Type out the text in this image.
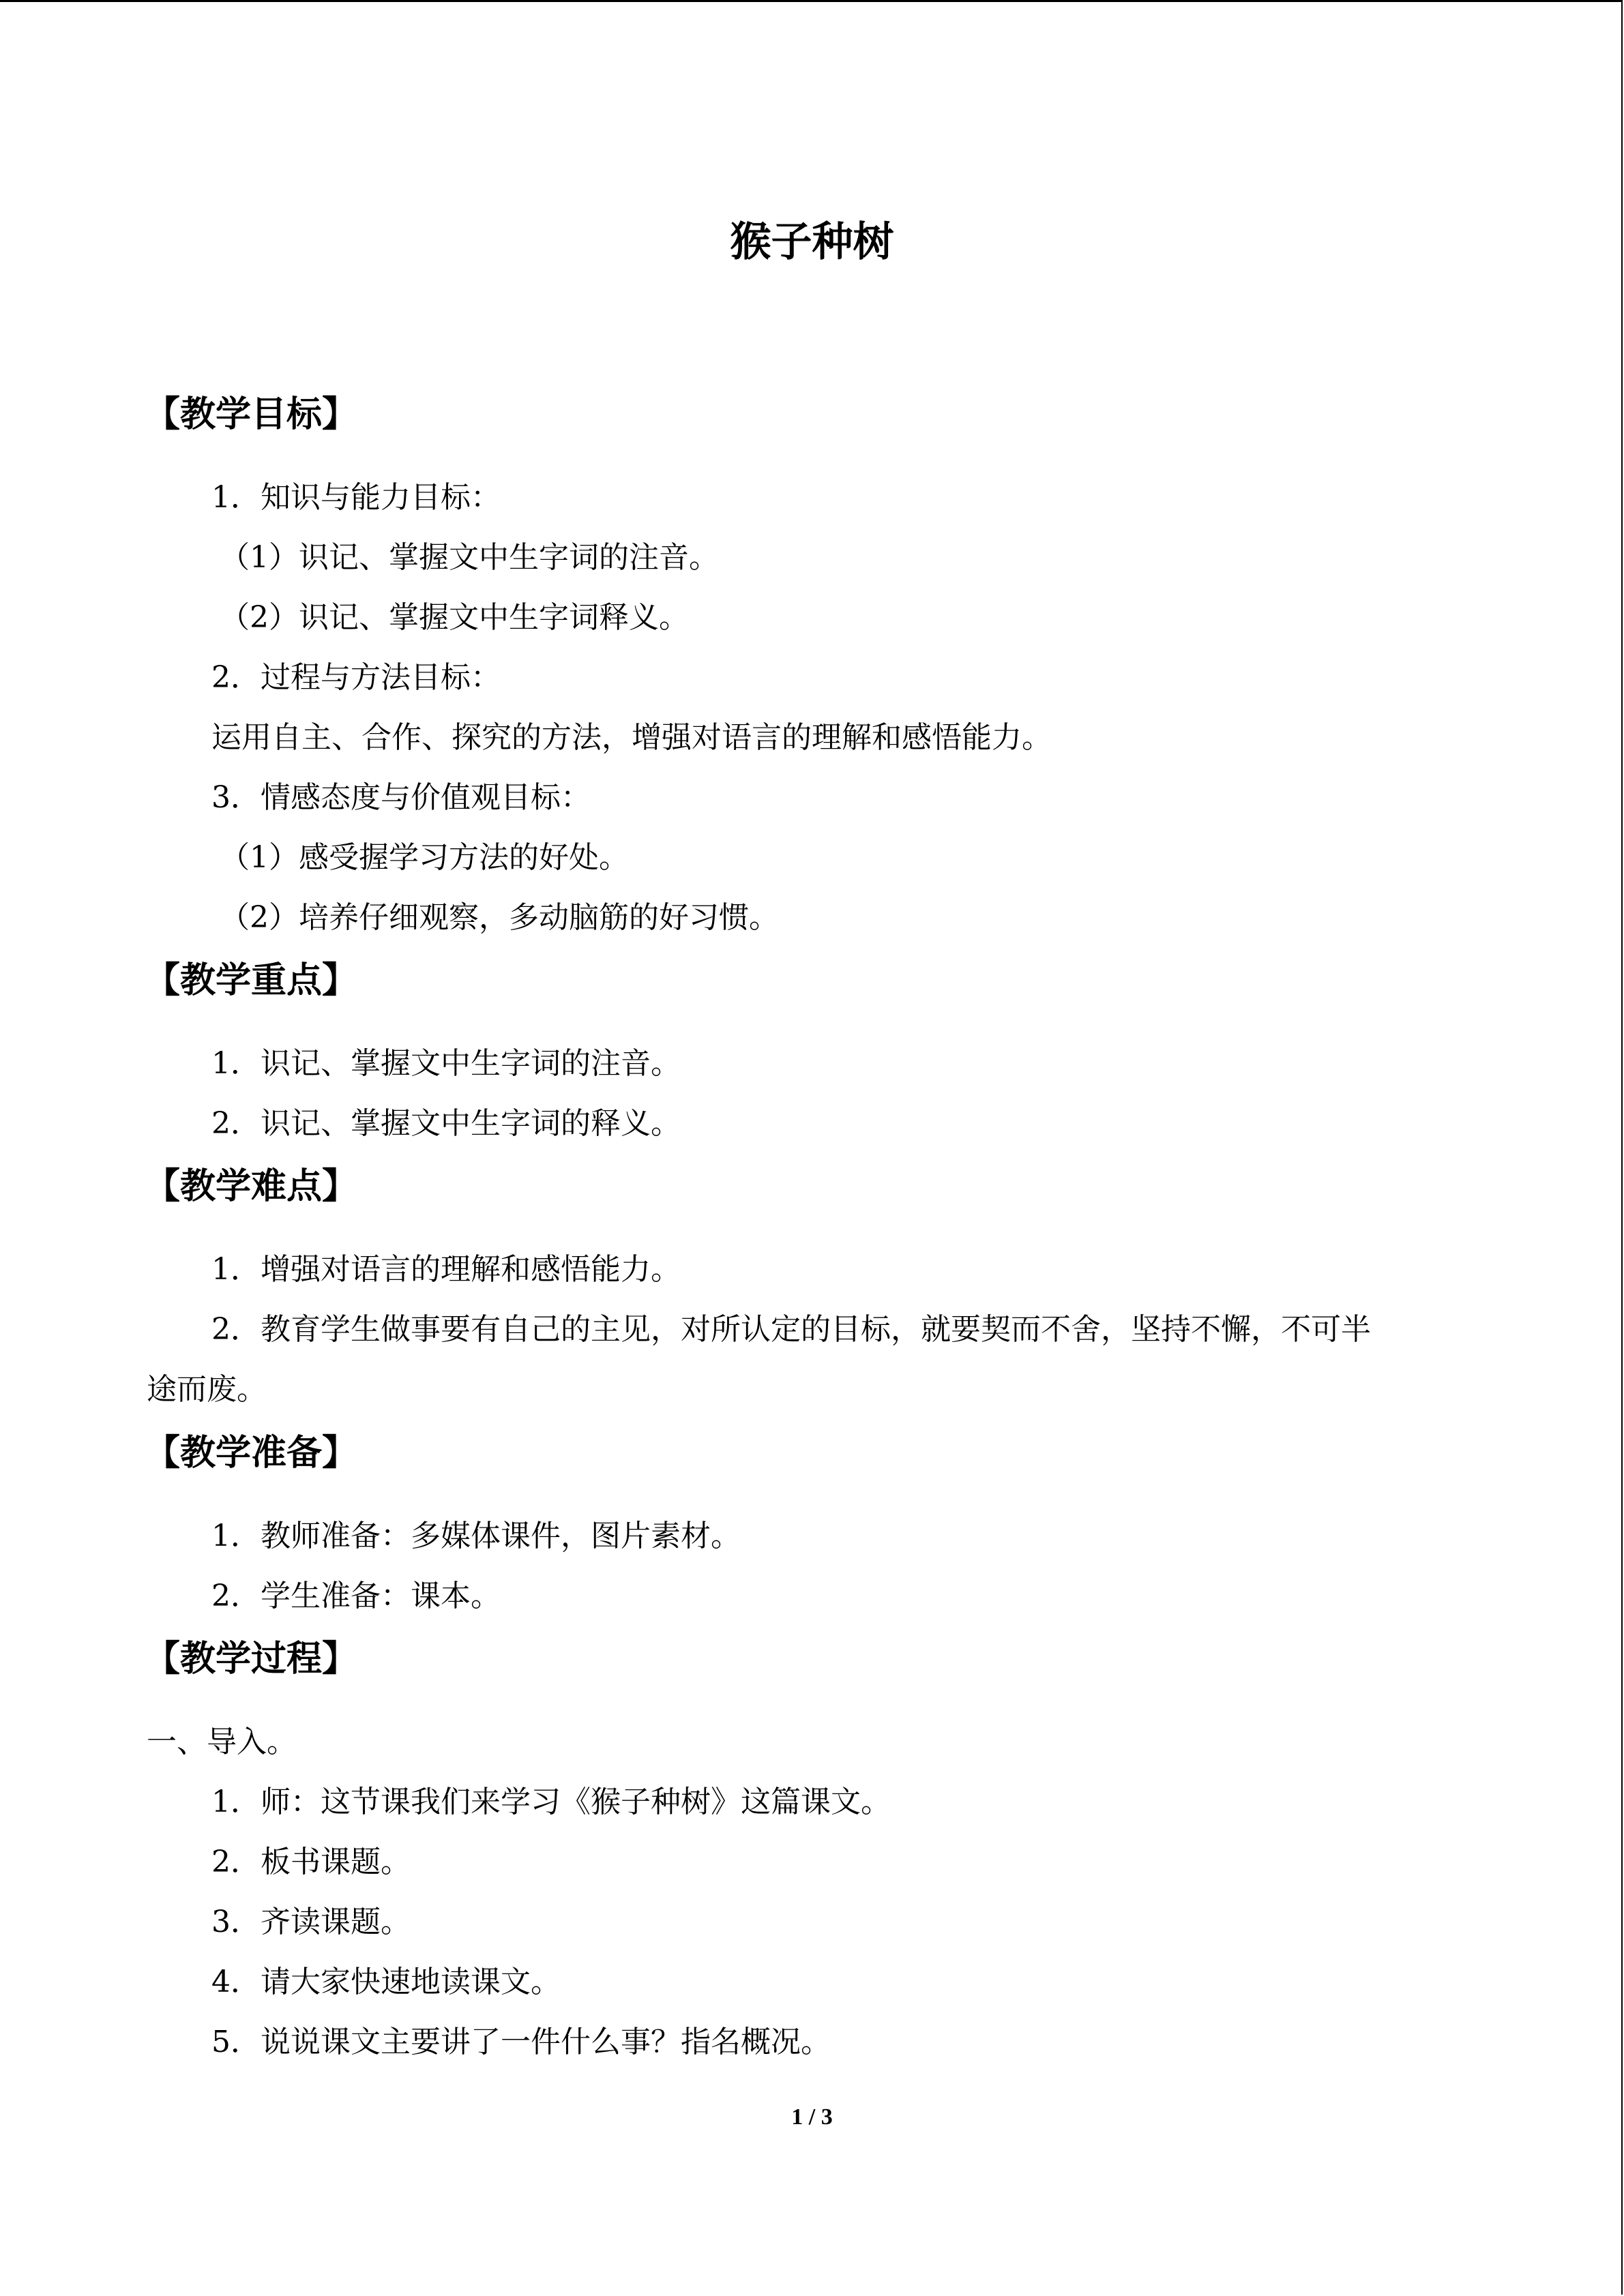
猴子种树
【教学目标】
1．知识与能力目标：
（1）识记、掌握文中生字词的注音。
（2）识记、掌握文中生字词释义。
2．过程与方法目标：
运用自主、合作、探究的方法，增强对语言的理解和感悟能力。
3．情感态度与价值观目标：
（1）感受握学习方法的好处。
（2）培养仔细观察，多动脑筋的好习惯。
【教学重点】
1．识记、掌握文中生字词的注音。
2．识记、掌握文中生字词的释义。
【教学难点】
1．增强对语言的理解和感悟能力。
2．教育学生做事要有自己的主见，对所认定的目标，就要契而不舍，坚持不懈，不可半
途而废。
【教学准备】
1．教师准备：多媒体课件，图片素材。
2．学生准备：课本。
【教学过程】
一、导入。
1．师：这节课我们来学习《猴子种树》这篇课文。
2．板书课题。
3．齐读课题。
4．请大家快速地读课文。
5．说说课文主要讲了一件什么事？指名概况。
1 / 3
